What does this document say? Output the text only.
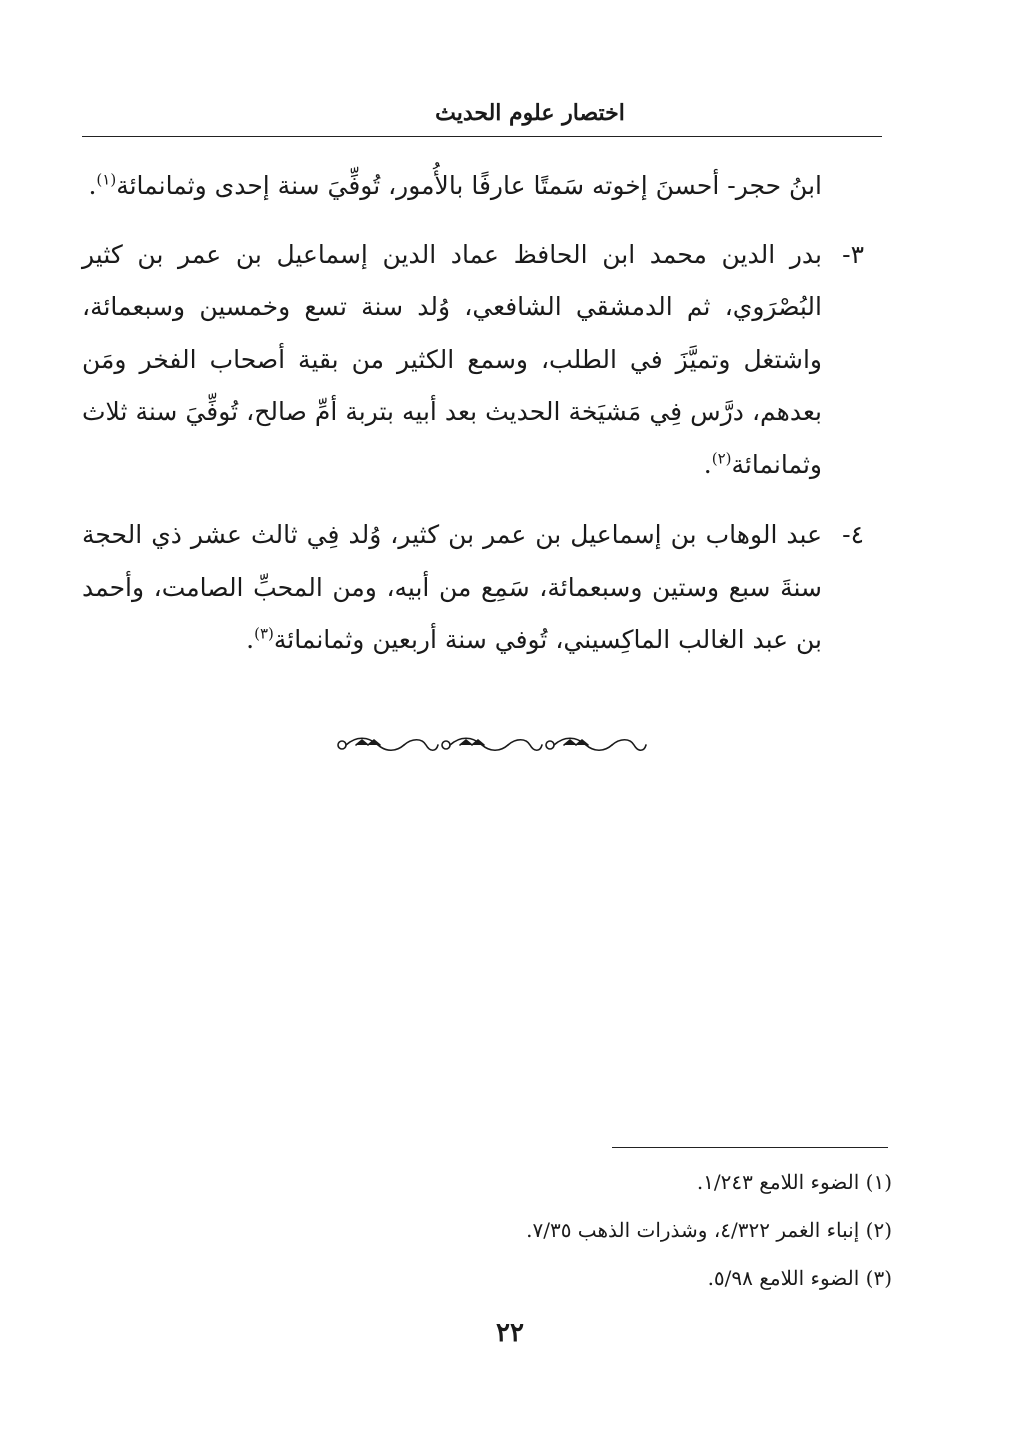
اختصار علوم الحديث

ابنُ حجر- أحسنَ إخوته سَمتًا عارفًا بالأُمور، تُوفِّيَ سنة إحدى وثمانمائة$^{(١)}$.

٣-
بدر الدين محمد ابن الحافظ عماد الدين إسماعيل بن عمر بن كثير البُصْرَوي، ثم الدمشقي الشافعي، وُلد سنة تسع وخمسين وسبعمائة، واشتغل وتميَّزَ في الطلب، وسمع الكثير من بقية أصحاب الفخر ومَن بعدهم، درَّس فِي مَشيَخة الحديث بعد أبيه بتربة أمِّ صالح، تُوفِّيَ سنة ثلاث وثمانمائة$^{(٢)}$.

٤-
عبد الوهاب بن إسماعيل بن عمر بن كثير، وُلد فِي ثالث عشر ذي الحجة سنةَ سبع وستين وسبعمائة، سَمِع من أبيه، ومن المحبِّ الصامت، وأحمد بن عبد الغالب الماكِسيني، تُوفي سنة أربعين وثمانمائة$^{(٣)}$.

(١) الضوء اللامع ١/٢٤٣.
(٢) إنباء الغمر ٤/٣٢٢، وشذرات الذهب ٧/٣٥.
(٣) الضوء اللامع ٥/٩٨.
٢٢
